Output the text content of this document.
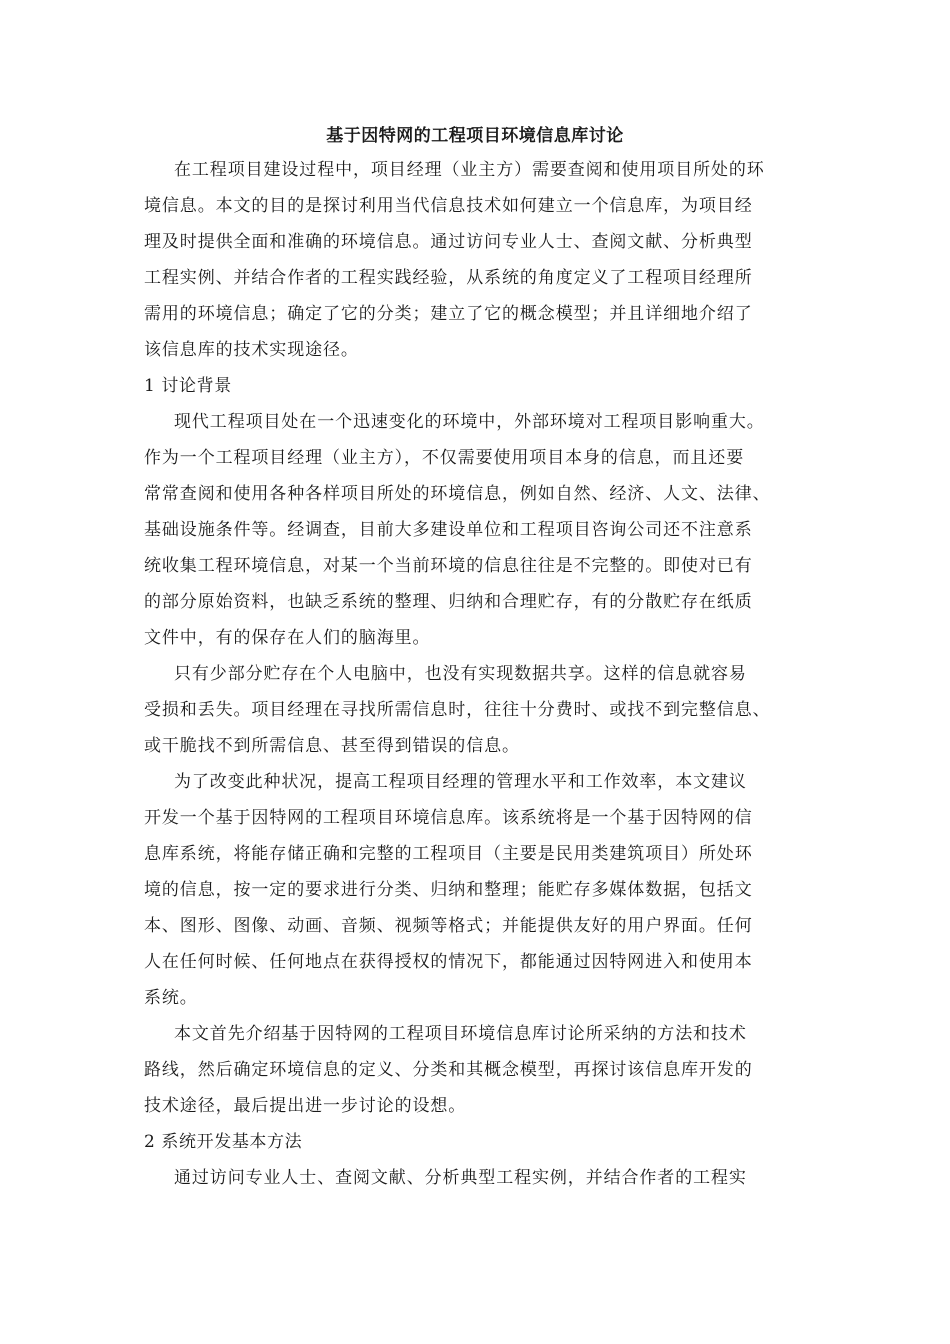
基于因特网的工程项目环境信息库讨论
在工程项目建设过程中，项目经理（业主方）需要查阅和使用项目所处的环
境信息。本文的目的是探讨利用当代信息技术如何建立一个信息库，为项目经
理及时提供全面和准确的环境信息。通过访问专业人士、查阅文献、分析典型
工程实例、并结合作者的工程实践经验，从系统的角度定义了工程项目经理所
需用的环境信息；确定了它的分类；建立了它的概念模型；并且详细地介绍了
该信息库的技术实现途径。
1 讨论背景
现代工程项目处在一个迅速变化的环境中，外部环境对工程项目影响重大。
作为一个工程项目经理（业主方），不仅需要使用项目本身的信息，而且还要
常常查阅和使用各种各样项目所处的环境信息，例如自然、经济、人文、法律、
基础设施条件等。经调查，目前大多建设单位和工程项目咨询公司还不注意系
统收集工程环境信息，对某一个当前环境的信息往往是不完整的。即使对已有
的部分原始资料，也缺乏系统的整理、归纳和合理贮存，有的分散贮存在纸质
文件中，有的保存在人们的脑海里。
只有少部分贮存在个人电脑中，也没有实现数据共享。这样的信息就容易
受损和丢失。项目经理在寻找所需信息时，往往十分费时、或找不到完整信息、
或干脆找不到所需信息、甚至得到错误的信息。
为了改变此种状况，提高工程项目经理的管理水平和工作效率，本文建议
开发一个基于因特网的工程项目环境信息库。该系统将是一个基于因特网的信
息库系统，将能存储正确和完整的工程项目（主要是民用类建筑项目）所处环
境的信息，按一定的要求进行分类、归纳和整理；能贮存多媒体数据，包括文
本、图形、图像、动画、音频、视频等格式；并能提供友好的用户界面。任何
人在任何时候、任何地点在获得授权的情况下，都能通过因特网进入和使用本
系统。
本文首先介绍基于因特网的工程项目环境信息库讨论所采纳的方法和技术
路线，然后确定环境信息的定义、分类和其概念模型，再探讨该信息库开发的
技术途径，最后提出进一步讨论的设想。
2 系统开发基本方法
通过访问专业人士、查阅文献、分析典型工程实例，并结合作者的工程实
